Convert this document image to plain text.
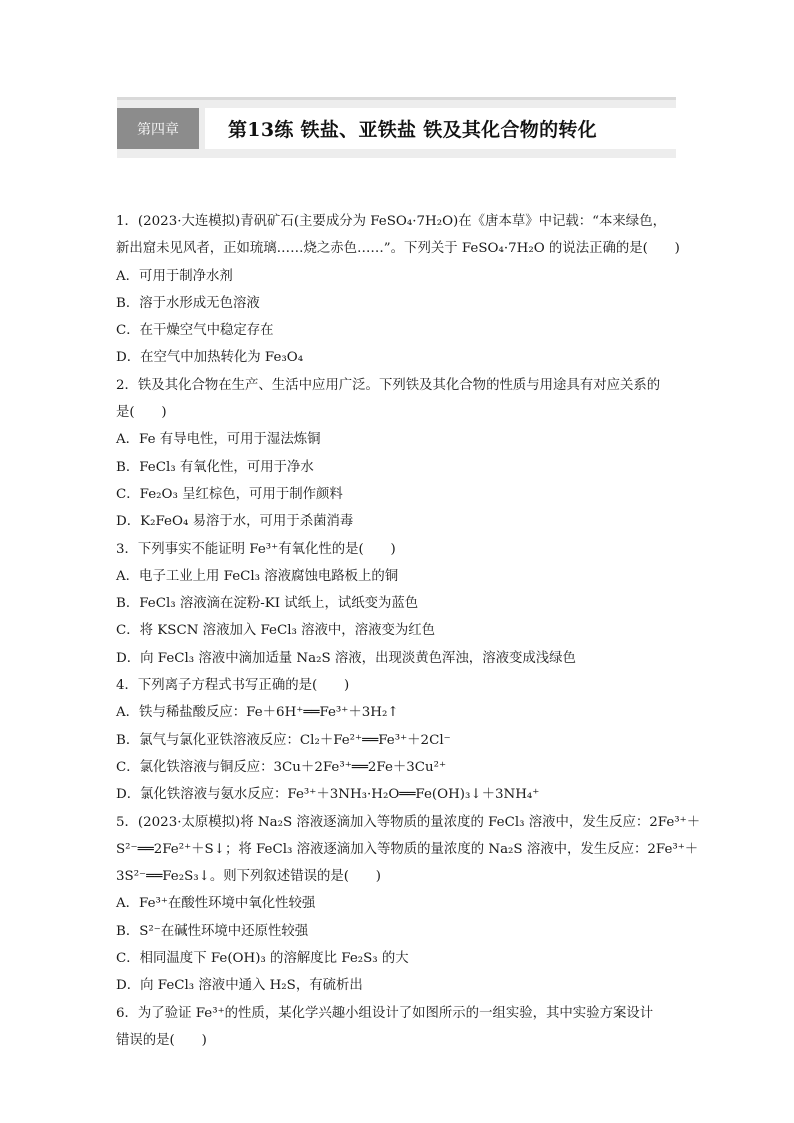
第四章	第13练 铁盐、亚铁盐 铁及其化合物的转化
1．(2023·大连模拟)青矾矿石(主要成分为 FeSO₄·7H₂O)在《唐本草》中记载：“本来绿色，
新出窟未见风者，正如琉璃……烧之赤色……”。下列关于 FeSO₄·7H₂O 的说法正确的是(　　)
A．可用于制净水剂
B．溶于水形成无色溶液
C．在干燥空气中稳定存在
D．在空气中加热转化为 Fe₃O₄
2．铁及其化合物在生产、生活中应用广泛。下列铁及其化合物的性质与用途具有对应关系的
是(　　)
A．Fe 有导电性，可用于湿法炼铜
B．FeCl₃ 有氧化性，可用于净水
C．Fe₂O₃ 呈红棕色，可用于制作颜料
D．K₂FeO₄ 易溶于水，可用于杀菌消毒
3．下列事实不能证明 Fe³⁺有氧化性的是(　　)
A．电子工业上用 FeCl₃ 溶液腐蚀电路板上的铜
B．FeCl₃ 溶液滴在淀粉-KI 试纸上，试纸变为蓝色
C．将 KSCN 溶液加入 FeCl₃ 溶液中，溶液变为红色
D．向 FeCl₃ 溶液中滴加适量 Na₂S 溶液，出现淡黄色浑浊，溶液变成浅绿色
4．下列离子方程式书写正确的是(　　)
A．铁与稀盐酸反应：Fe＋6H⁺══Fe³⁺＋3H₂↑
B．氯气与氯化亚铁溶液反应：Cl₂＋Fe²⁺══Fe³⁺＋2Cl⁻
C．氯化铁溶液与铜反应：3Cu＋2Fe³⁺══2Fe＋3Cu²⁺
D．氯化铁溶液与氨水反应：Fe³⁺＋3NH₃·H₂O══Fe(OH)₃↓＋3NH₄⁺
5．(2023·太原模拟)将 Na₂S 溶液逐滴加入等物质的量浓度的 FeCl₃ 溶液中，发生反应：2Fe³⁺＋
S²⁻══2Fe²⁺＋S↓；将 FeCl₃ 溶液逐滴加入等物质的量浓度的 Na₂S 溶液中，发生反应：2Fe³⁺＋
3S²⁻══Fe₂S₃↓。则下列叙述错误的是(　　)
A．Fe³⁺在酸性环境中氧化性较强
B．S²⁻在碱性环境中还原性较强
C．相同温度下 Fe(OH)₃ 的溶解度比 Fe₂S₃ 的大
D．向 FeCl₃ 溶液中通入 H₂S，有硫析出
6．为了验证 Fe³⁺的性质，某化学兴趣小组设计了如图所示的一组实验，其中实验方案设计
错误的是(　　)
